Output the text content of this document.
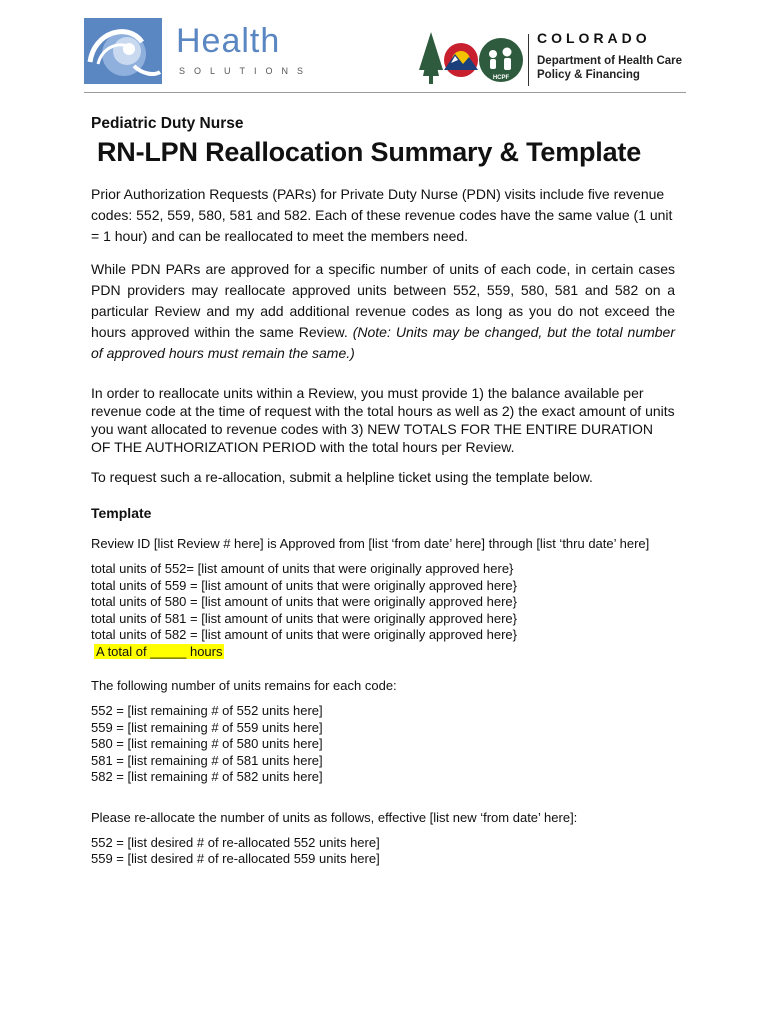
Health
SOLUTIONS
HCPF
COLORADO
Department of Health Care
Policy & Financing
Pediatric Duty Nurse
RN-LPN Reallocation Summary & Template

Prior Authorization Requests (PARs) for Private Duty Nurse (PDN) visits include five revenue codes: 552, 559, 580, 581 and 582. Each of these revenue codes have the same value (1 unit = 1 hour) and can be reallocated to meet the members need.

While PDN PARs are approved for a specific number of units of each code, in certain cases PDN providers may reallocate approved units between 552, 559, 580, 581 and 582 on a particular Review and my add additional revenue codes as long as you do not exceed the hours approved within the same Review. (Note: Units may be changed, but the total number of approved hours must remain the same.)

In order to reallocate units within a Review, you must provide 1) the balance available per revenue code at the time of request with the total hours as well as 2) the exact amount of units you want allocated to revenue codes with 3) NEW TOTALS FOR THE ENTIRE DURATION OF THE AUTHORIZATION PERIOD with the total hours per Review.

To request such a re-allocation, submit a helpline ticket using the template below.

Template

Review ID [list Review # here] is Approved from [list ‘from date’ here] through [list ‘thru date’ here]

total units of 552= [list amount of units that were originally approved here}
total units of 559 = [list amount of units that were originally approved here}
total units of 580 = [list amount of units that were originally approved here}
total units of 581 = [list amount of units that were originally approved here}
total units of 582 = [list amount of units that were originally approved here}
A total of _____ hours

The following number of units remains for each code:

552 = [list remaining # of 552 units here]
559 = [list remaining # of 559 units here]
580 = [list remaining # of 580 units here]
581 = [list remaining # of 581 units here]
582 = [list remaining # of 582 units here]

Please re-allocate the number of units as follows, effective [list new ‘from date’ here]:

552 = [list desired # of re-allocated 552 units here]
559 = [list desired # of re-allocated 559 units here]
